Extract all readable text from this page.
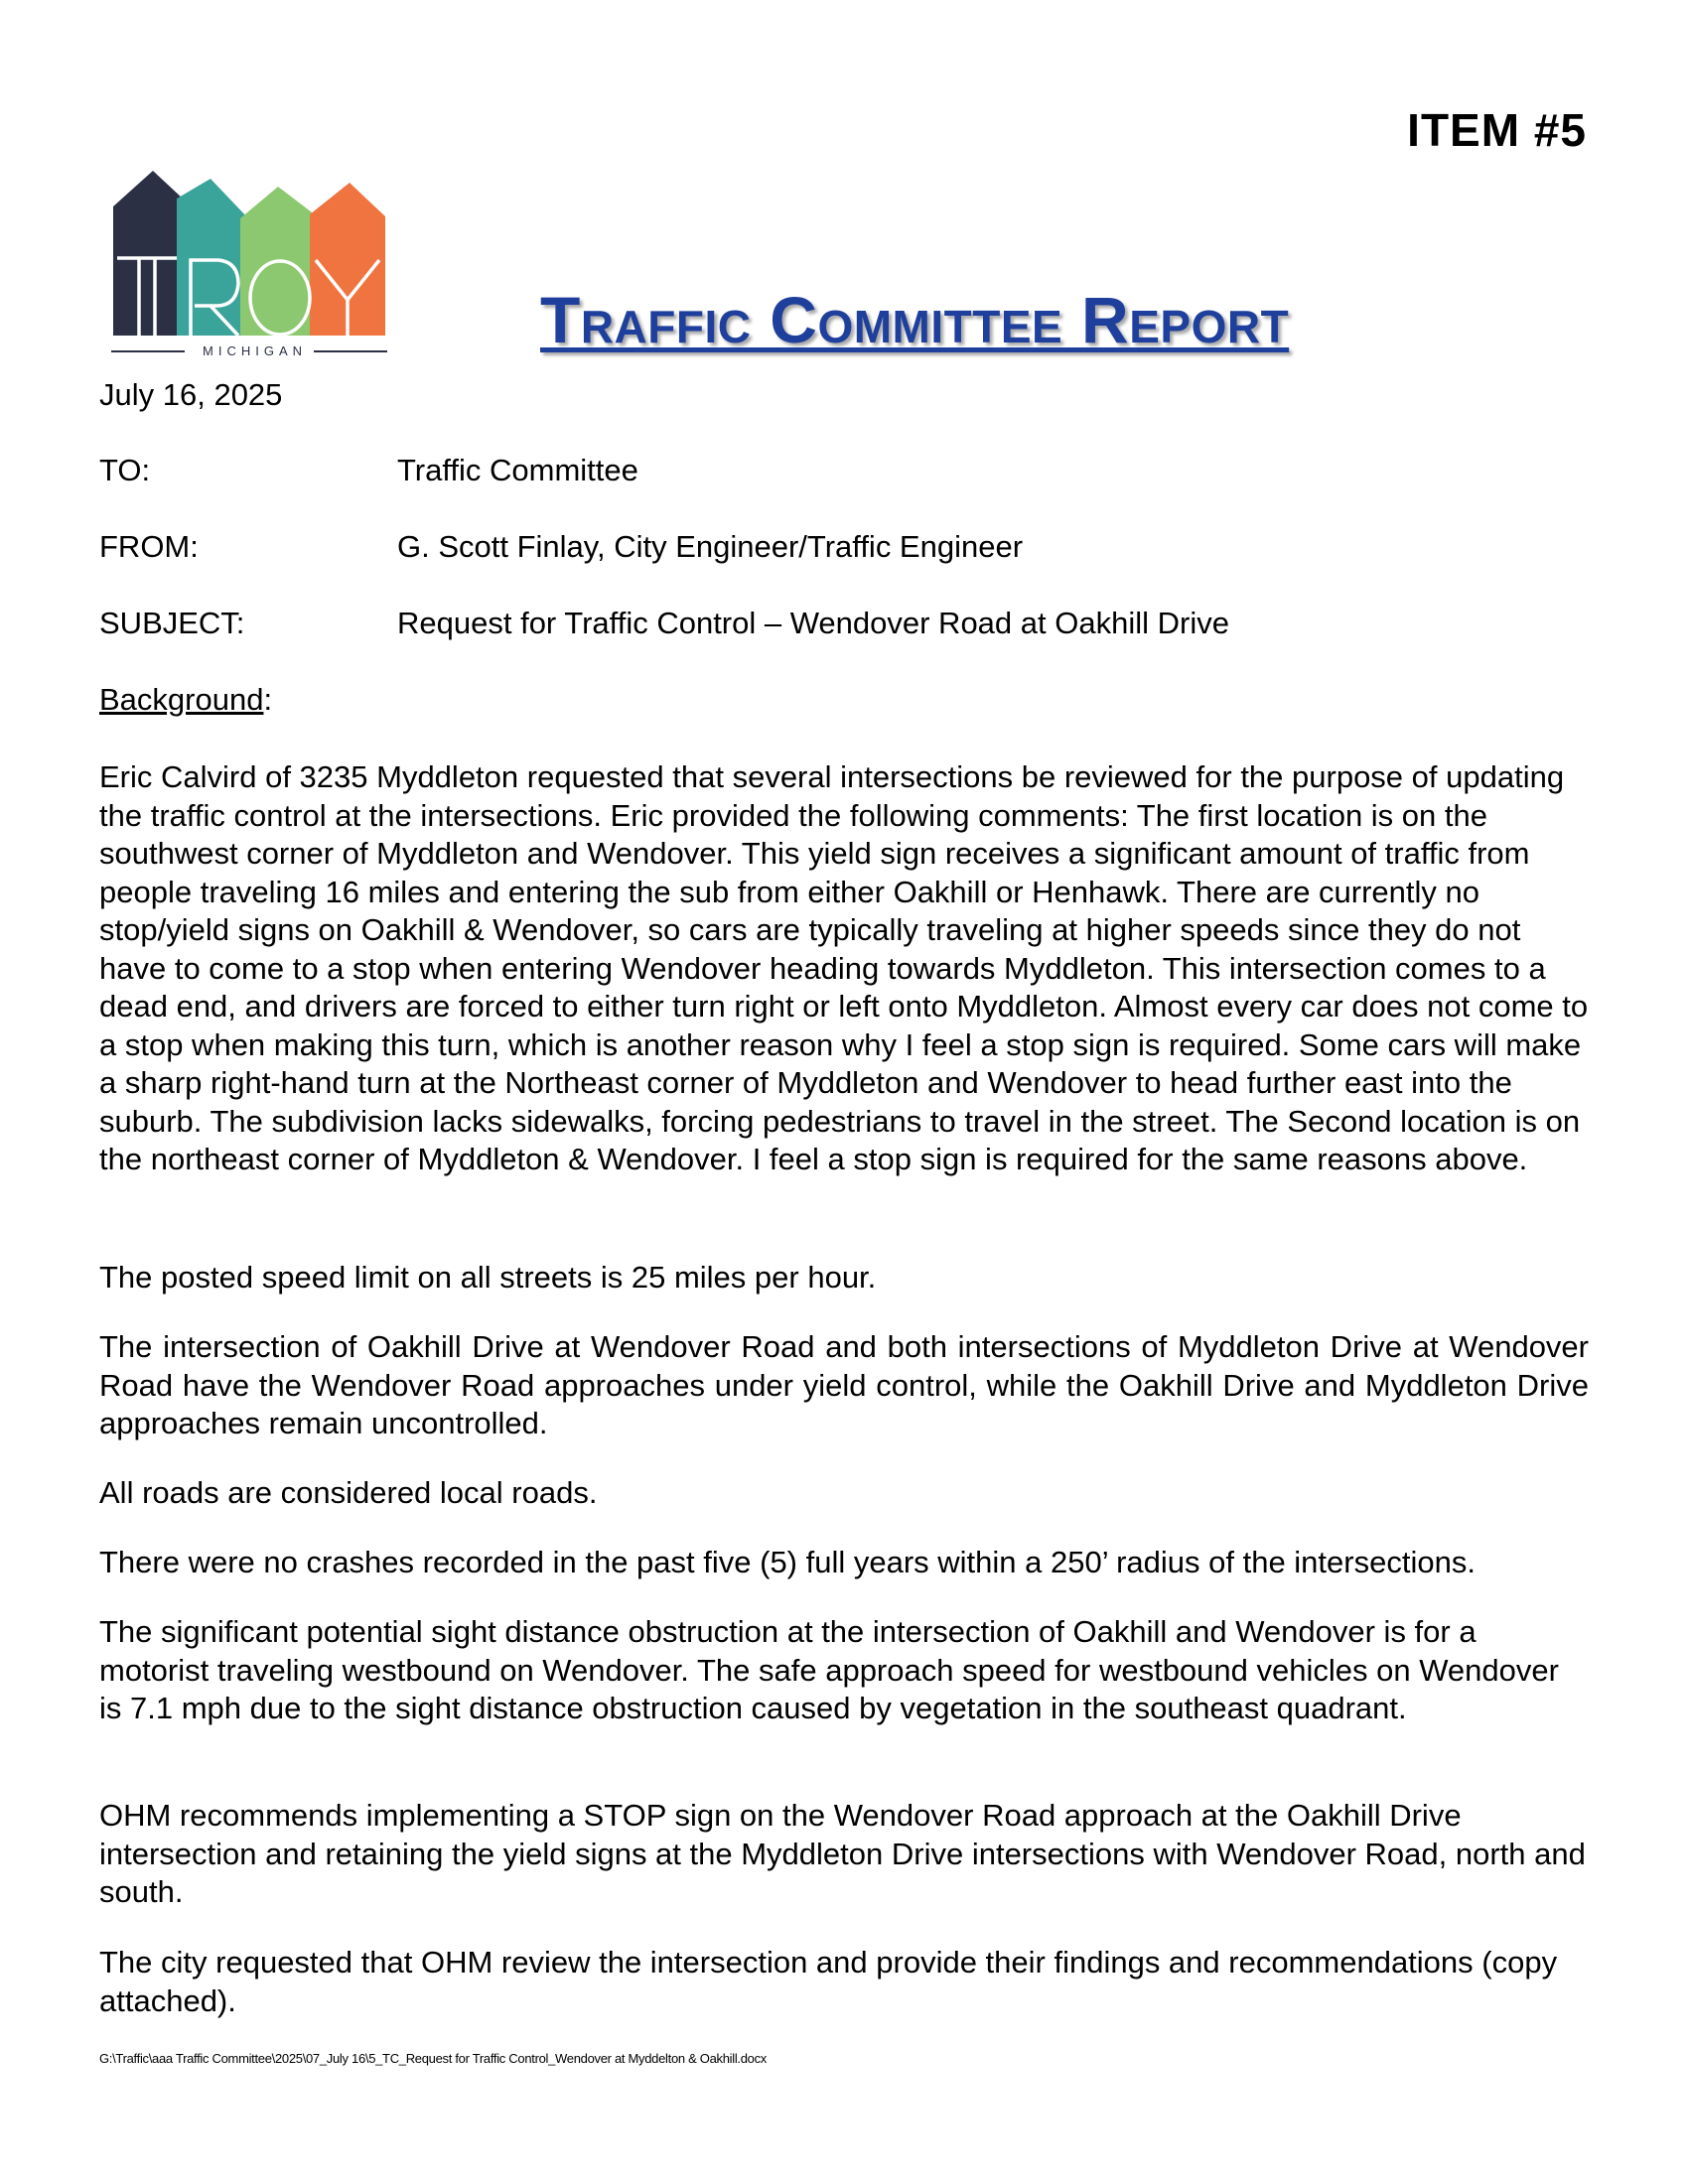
ITEM #5
MICHIGAN	Traffic Committee Report
July 16, 2025
TO:	Traffic Committee
FROM:	G. Scott Finlay, City Engineer/Traffic Engineer
SUBJECT:	Request for Traffic Control – Wendover Road at Oakhill Drive
Background:

Eric Calvird of 3235 Myddleton requested that several intersections be reviewed for the purpose of updating the traffic control at the intersections. Eric provided the following comments: The first location is on the southwest corner of Myddleton and Wendover. This yield sign receives a significant amount of traffic from people traveling 16 miles and entering the sub from either Oakhill or Henhawk. There are currently no stop/yield signs on Oakhill & Wendover, so cars are typically traveling at higher speeds since they do not have to come to a stop when entering Wendover heading towards Myddleton. This intersection comes to a dead end, and drivers are forced to either turn right or left onto Myddleton. Almost every car does not come to a stop when making this turn, which is another reason why I feel a stop sign is required. Some cars will make a sharp right-hand turn at the Northeast corner of Myddleton and Wendover to head further east into the suburb. The subdivision lacks sidewalks, forcing pedestrians to travel in the street. The Second location is on the northeast corner of Myddleton & Wendover. I feel a stop sign is required for the same reasons above.

The posted speed limit on all streets is 25 miles per hour.

The intersection of Oakhill Drive at Wendover Road and both intersections of Myddleton Drive at Wendover Road have the Wendover Road approaches under yield control, while the Oakhill Drive and Myddleton Drive approaches remain uncontrolled.

All roads are considered local roads.

There were no crashes recorded in the past five (5) full years within a 250’ radius of the intersections.

The significant potential sight distance obstruction at the intersection of Oakhill and Wendover is for a motorist traveling westbound on Wendover. The safe approach speed for westbound vehicles on Wendover is 7.1 mph due to the sight distance obstruction caused by vegetation in the southeast quadrant.

OHM recommends implementing a STOP sign on the Wendover Road approach at the Oakhill Drive intersection and retaining the yield signs at the Myddleton Drive intersections with Wendover Road, north and south.

The city requested that OHM review the intersection and provide their findings and recommendations (copy attached).

G:\Traffic\aaa Traffic Committee\2025\07_July 16\5_TC_Request for Traffic Control_Wendover at Myddelton & Oakhill.docx
